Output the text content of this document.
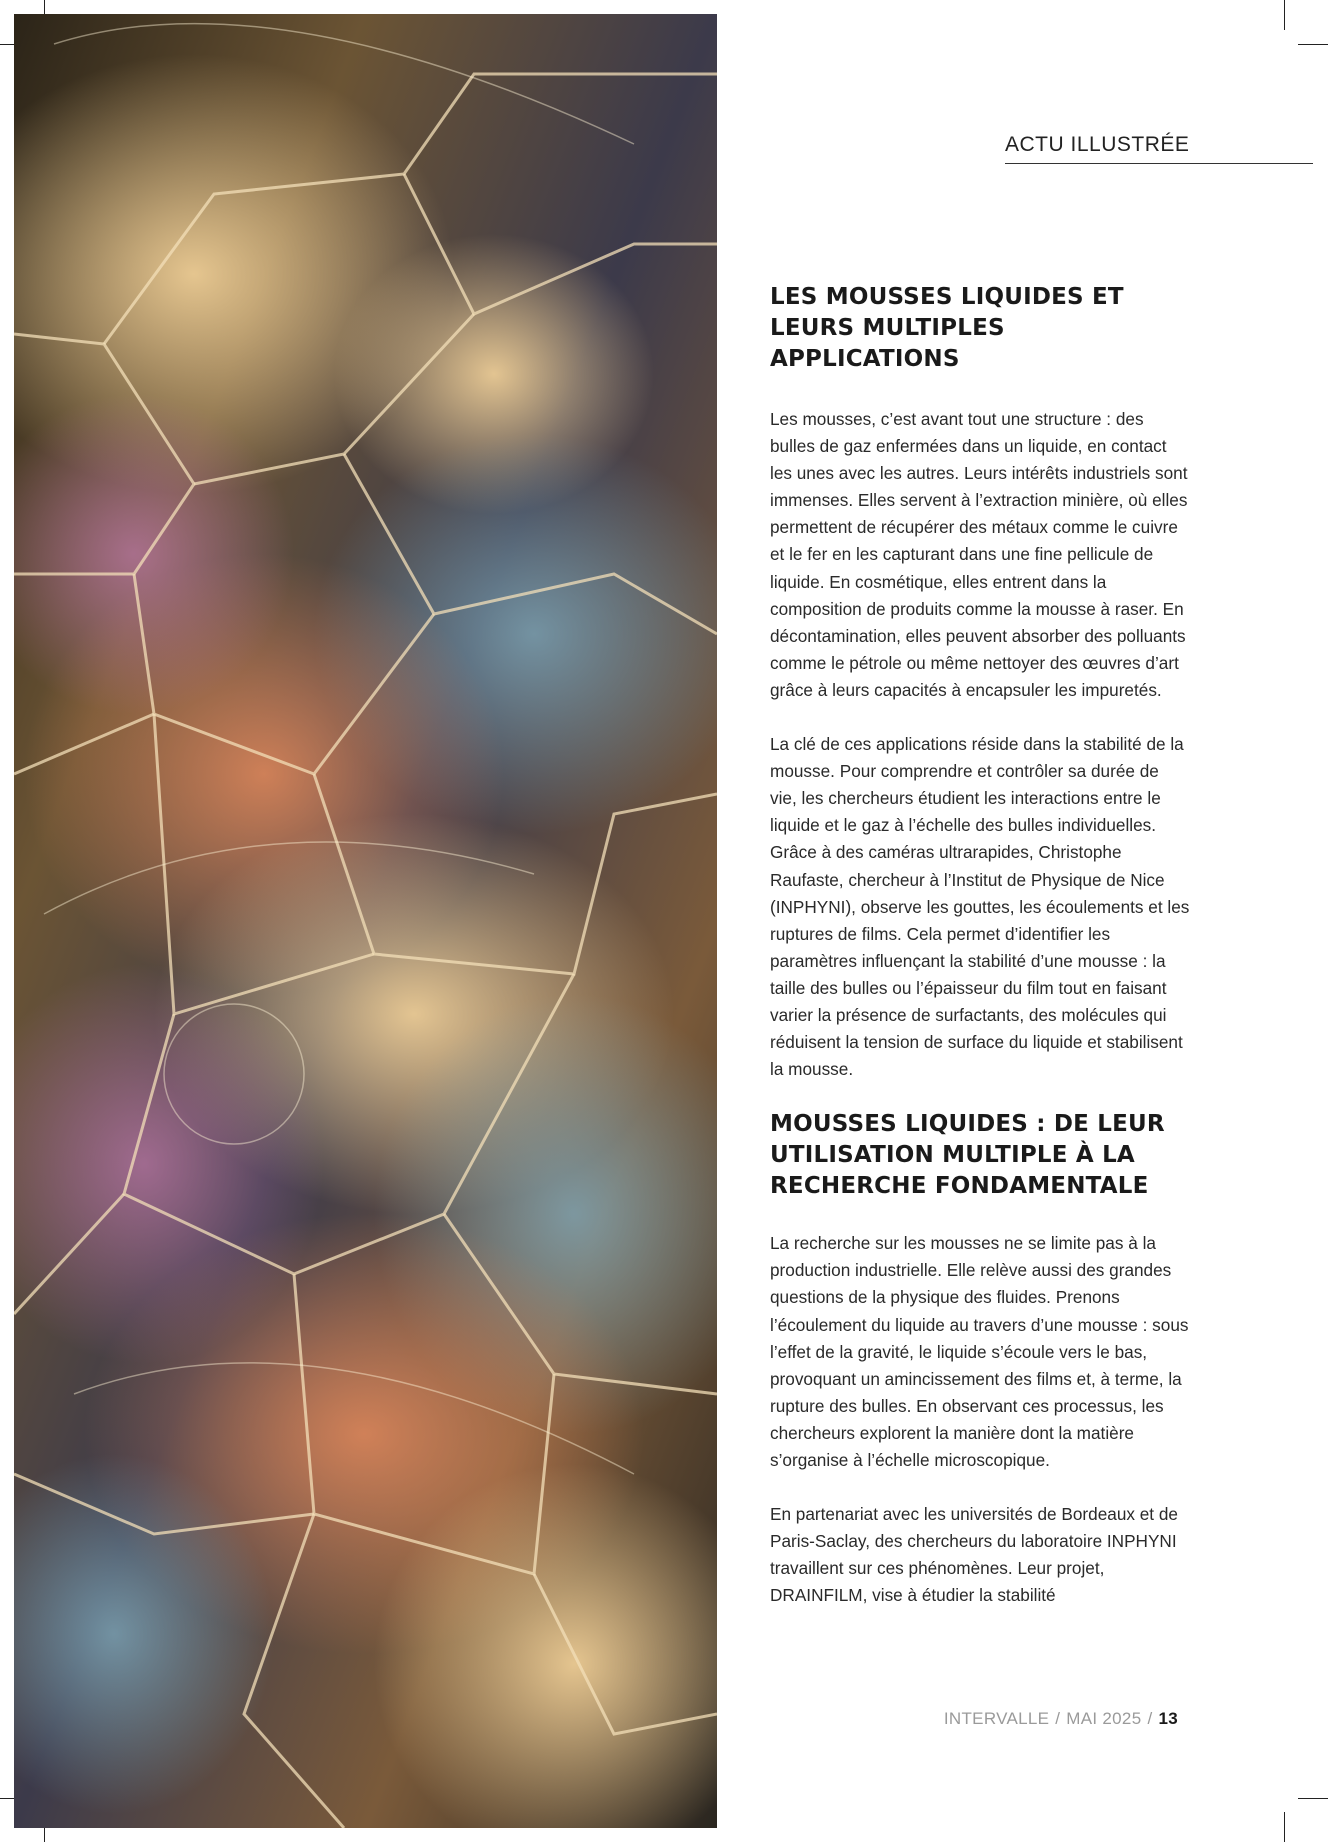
ACTU ILLUSTRÉE
LES MOUSSES LIQUIDES ET LEURS MULTIPLES APPLICATIONS

Les mousses, c’est avant tout une structure : des bulles de gaz enfermées dans un liquide, en contact les unes avec les autres. Leurs intérêts industriels sont immenses. Elles servent à l’extraction minière, où elles permettent de récupérer des métaux comme le cuivre et le fer en les capturant dans une fine pellicule de liquide. En cosmétique, elles entrent dans la composition de produits comme la mousse à raser. En décontamination, elles peuvent absorber des polluants comme le pétrole ou même nettoyer des œuvres d’art grâce à leurs capacités à encapsuler les impuretés.

La clé de ces applications réside dans la stabilité de la mousse. Pour comprendre et contrôler sa durée de vie, les chercheurs étudient les interactions entre le liquide et le gaz à l’échelle des bulles individuelles. Grâce à des caméras ultrarapides, Christophe Raufaste, chercheur à l’Institut de Physique de Nice (INPHYNI), observe les gouttes, les écoulements et les ruptures de films. Cela permet d’identifier les paramètres influençant la stabilité d’une mousse : la taille des bulles ou l’épaisseur du film tout en faisant varier la présence de surfactants, des molécules qui réduisent la tension de surface du liquide et stabilisent la mousse.

MOUSSES LIQUIDES : DE LEUR UTILISATION MULTIPLE À LA RECHERCHE FONDAMENTALE

La recherche sur les mousses ne se limite pas à la production industrielle. Elle relève aussi des grandes questions de la physique des fluides. Prenons l’écoulement du liquide au travers d’une mousse : sous l’effet de la gravité, le liquide s’écoule vers le bas, provoquant un amincissement des films et, à terme, la rupture des bulles. En observant ces processus, les chercheurs explorent la manière dont la matière s’organise à l’échelle microscopique.

En partenariat avec les universités de Bordeaux et de Paris-Saclay, des chercheurs du laboratoire INPHYNI travaillent sur ces phénomènes. Leur projet, DRAINFILM, vise à étudier la stabilité

INTERVALLE / MAI 2025 / 13
